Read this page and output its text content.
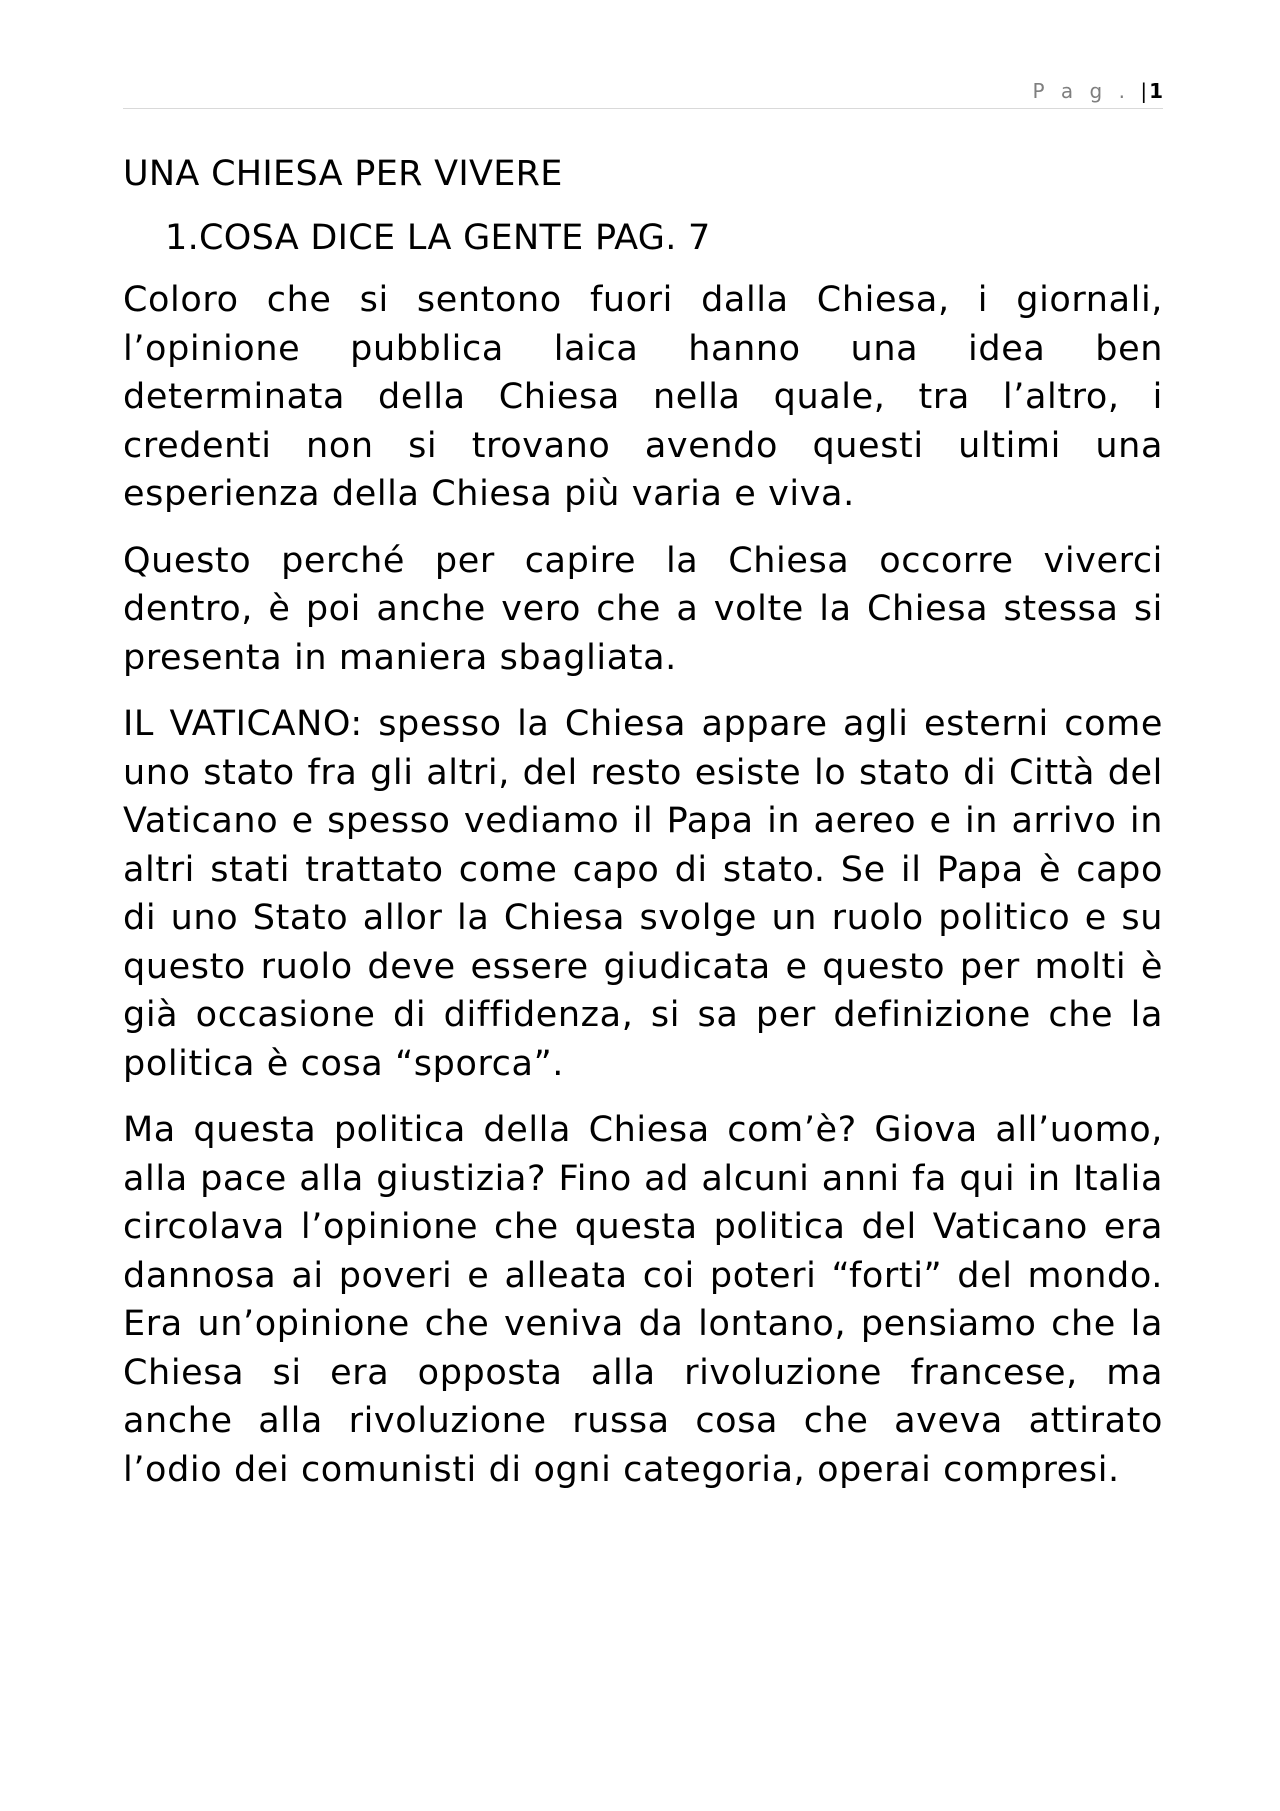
P a g . | 1
UNA CHIESA PER VIVERE
1.COSA DICE LA GENTE PAG. 7

Coloro che si sentono fuori dalla Chiesa, i giornali, l’opinione pubblica laica hanno una idea ben determinata della Chiesa nella quale, tra l’altro, i credenti non si trovano avendo questi ultimi una esperienza della Chiesa più varia e viva.

Questo perché per capire la Chiesa occorre viverci dentro, è poi anche vero che a volte la Chiesa stessa si presenta in maniera sbagliata.

IL VATICANO: spesso la Chiesa appare agli esterni come uno stato fra gli altri, del resto esiste lo stato di Città del Vaticano e spesso vediamo il Papa in aereo e in arrivo in altri stati trattato come capo di stato. Se il Papa è capo di uno Stato allor la Chiesa svolge un ruolo politico e su questo ruolo deve essere giudicata e questo per molti è già occasione di diffidenza, si sa per definizione che la politica è cosa “sporca”.

Ma questa politica della Chiesa com’è? Giova all’uomo, alla pace alla giustizia? Fino ad alcuni anni fa qui in Italia circolava l’opinione che questa politica del Vaticano era dannosa ai poveri e alleata coi poteri “forti” del mondo. Era un’opinione che veniva da lontano, pensiamo che la Chiesa si era opposta alla rivoluzione francese, ma anche alla rivoluzione russa cosa che aveva attirato l’odio dei comunisti di ogni categoria, operai compresi.
